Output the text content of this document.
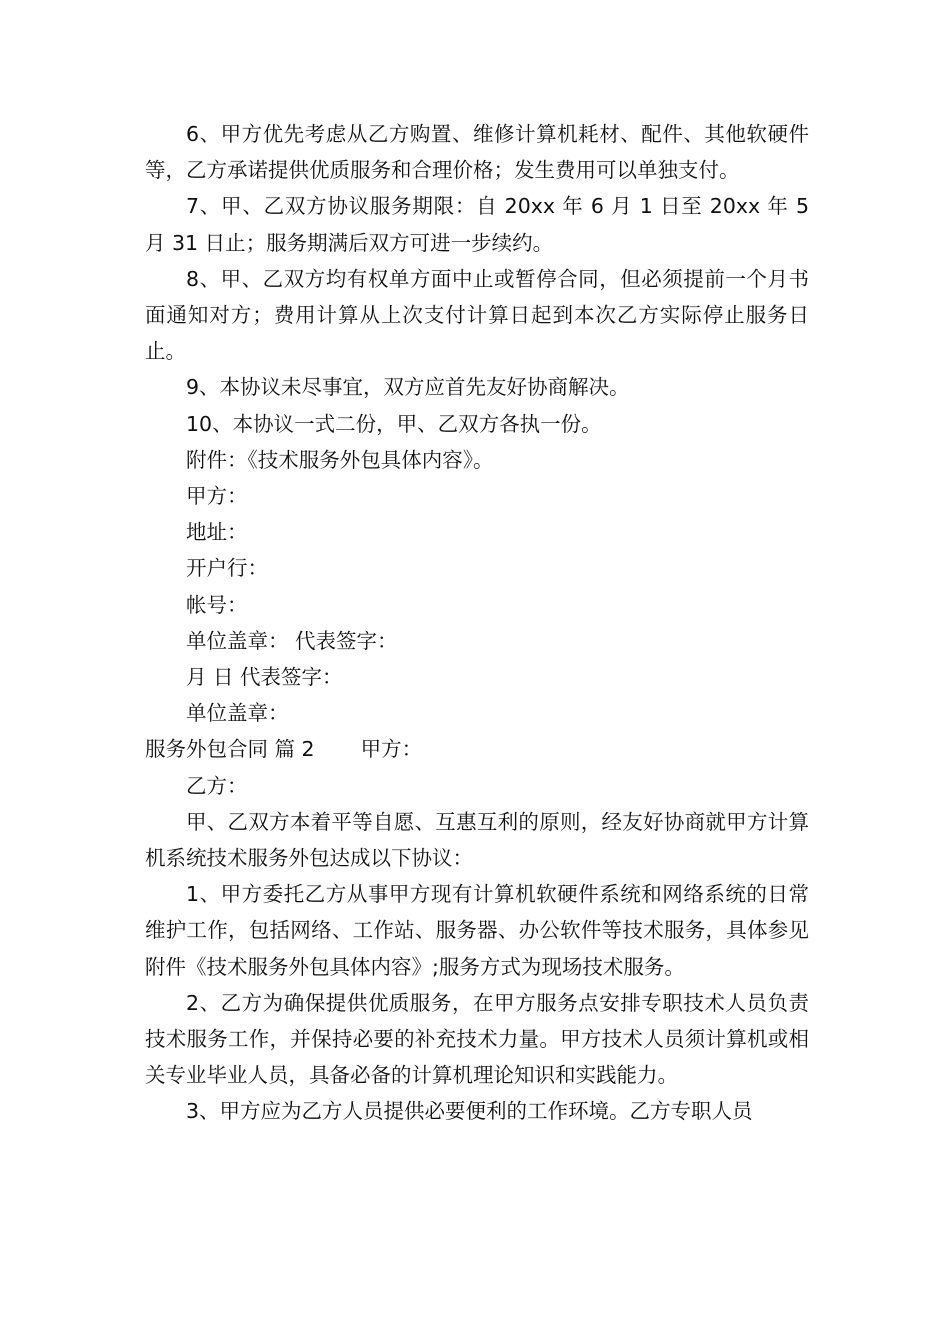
6、甲方优先考虑从乙方购置、维修计算机耗材、配件、其他软硬件等，乙方承诺提供优质服务和合理价格；发生费用可以单独支付。

7、甲、乙双方协议服务期限：自 20xx 年 6 月 1 日至 20xx 年 5 月 31 日止；服务期满后双方可进一步续约。

8、甲、乙双方均有权单方面中止或暂停合同，但必须提前一个月书面通知对方；费用计算从上次支付计算日起到本次乙方实际停止服务日止。

9、本协议未尽事宜，双方应首先友好协商解决。

10、本协议一式二份，甲、乙双方各执一份。

附件：《技术服务外包具体内容》。

甲方：

地址：

开户行：

帐号：

单位盖章： 代表签字：

月 日 代表签字：

单位盖章：

服务外包合同 篇 2 甲方：

乙方：

甲、乙双方本着平等自愿、互惠互利的原则，经友好协商就甲方计算机系统技术服务外包达成以下协议：

1、甲方委托乙方从事甲方现有计算机软硬件系统和网络系统的日常维护工作，包括网络、工作站、服务器、办公软件等技术服务，具体参见附件《技术服务外包具体内容》;服务方式为现场技术服务。

2、乙方为确保提供优质服务，在甲方服务点安排专职技术人员负责技术服务工作，并保持必要的补充技术力量。甲方技术人员须计算机或相关专业毕业人员，具备必备的计算机理论知识和实践能力。

3、甲方应为乙方人员提供必要便利的工作环境。乙方专职人员
